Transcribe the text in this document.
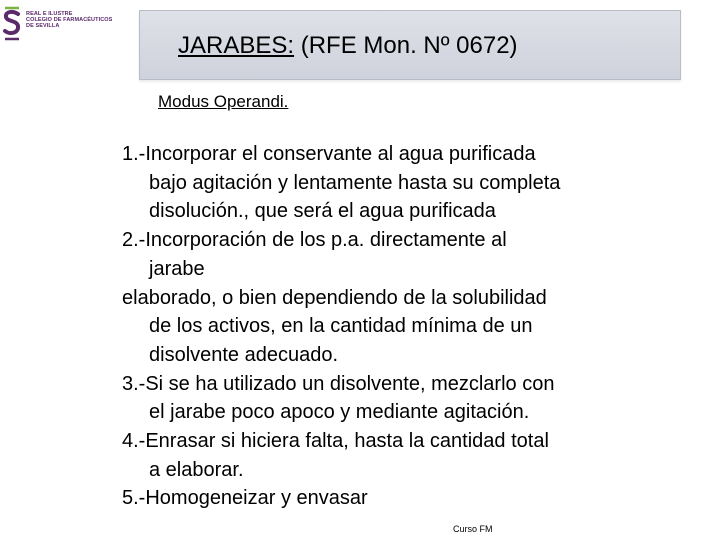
REAL E ILUSTRE
COLEGIO DE FARMACÉUTICOS
DE SEVILLA
JARABES: (RFE Mon. Nº 0672)
Modus Operandi.
1.-Incorporar el conservante al agua purificada
bajo agitación y lentamente hasta su completa
disolución., que será el agua purificada
2.-Incorporación de los p.a. directamente al
jarabe
elaborado, o bien dependiendo de la solubilidad
de los activos, en la cantidad mínima de un
disolvente adecuado.
3.-Si se ha utilizado un disolvente, mezclarlo con
el jarabe poco apoco y mediante agitación.
4.-Enrasar si hiciera falta, hasta la cantidad total
a elaborar.
5.-Homogeneizar y envasar
Curso FM
